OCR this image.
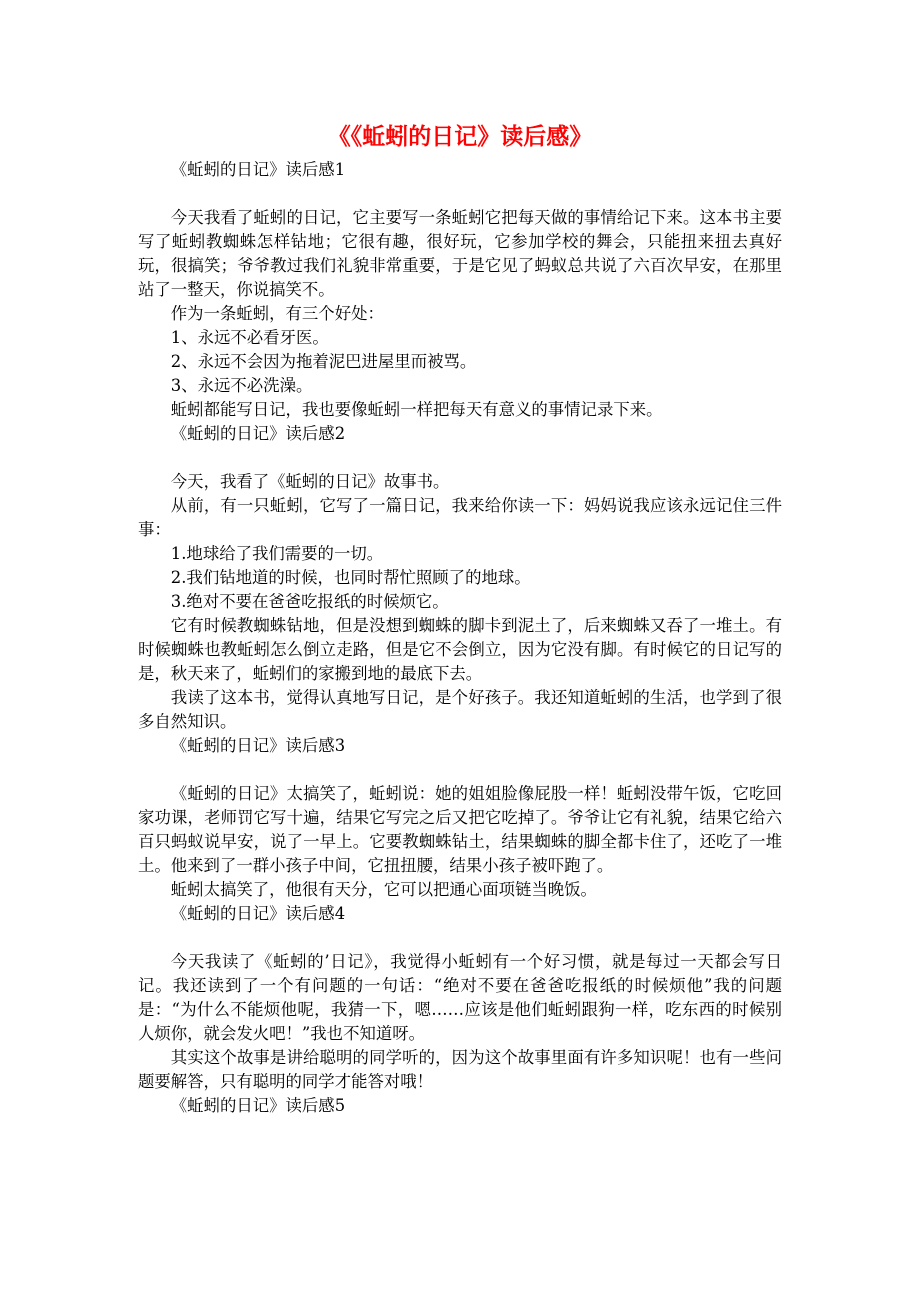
《《蚯蚓的日记》读后感》

《蚯蚓的日记》读后感1

今天我看了蚯蚓的日记，它主要写一条蚯蚓它把每天做的事情给记下来。这本书主要写了蚯蚓教蜘蛛怎样钻地；它很有趣，很好玩，它参加学校的舞会，只能扭来扭去真好玩，很搞笑；爷爷教过我们礼貌非常重要，于是它见了蚂蚁总共说了六百次早安，在那里站了一整天，你说搞笑不。

作为一条蚯蚓，有三个好处：

1、永远不必看牙医。

2、永远不会因为拖着泥巴进屋里而被骂。

3、永远不必洗澡。

蚯蚓都能写日记，我也要像蚯蚓一样把每天有意义的事情记录下来。

《蚯蚓的日记》读后感2

今天，我看了《蚯蚓的日记》故事书。

从前，有一只蚯蚓，它写了一篇日记，我来给你读一下：妈妈说我应该永远记住三件事：

1.地球给了我们需要的一切。

2.我们钻地道的时候，也同时帮忙照顾了的地球。

3.绝对不要在爸爸吃报纸的时候烦它。

它有时候教蜘蛛钻地，但是没想到蜘蛛的脚卡到泥土了，后来蜘蛛又吞了一堆土。有时候蜘蛛也教蚯蚓怎么倒立走路，但是它不会倒立，因为它没有脚。有时候它的日记写的是，秋天来了，蚯蚓们的家搬到地的最底下去。

我读了这本书，觉得认真地写日记，是个好孩子。我还知道蚯蚓的生活，也学到了很多自然知识。

《蚯蚓的日记》读后感3

《蚯蚓的日记》太搞笑了，蚯蚓说：她的姐姐脸像屁股一样！蚯蚓没带午饭，它吃回家功课，老师罚它写十遍，结果它写完之后又把它吃掉了。爷爷让它有礼貌，结果它给六百只蚂蚁说早安，说了一早上。它要教蜘蛛钻土，结果蜘蛛的脚全都卡住了，还吃了一堆土。他来到了一群小孩子中间，它扭扭腰，结果小孩子被吓跑了。

蚯蚓太搞笑了，他很有天分，它可以把通心面项链当晚饭。

《蚯蚓的日记》读后感4

今天我读了《蚯蚓的’日记》，我觉得小蚯蚓有一个好习惯，就是每过一天都会写日记。我还读到了一个有问题的一句话：“绝对不要在爸爸吃报纸的时候烦他”我的问题是：“为什么不能烦他呢，我猜一下，嗯……应该是他们蚯蚓跟狗一样，吃东西的时候别人烦你，就会发火吧！”我也不知道呀。

其实这个故事是讲给聪明的同学听的，因为这个故事里面有许多知识呢！也有一些问题要解答，只有聪明的同学才能答对哦！

《蚯蚓的日记》读后感5
